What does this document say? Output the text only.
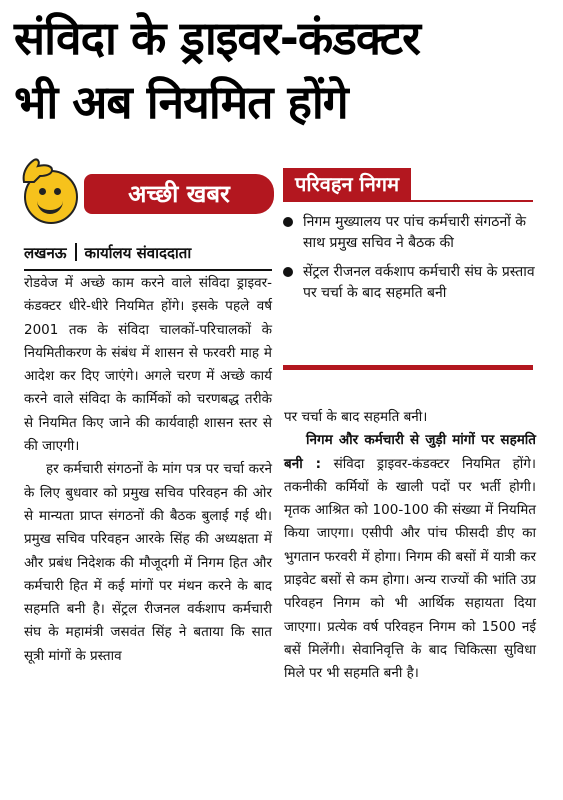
संविदा के ड्राइवर-कंडक्टर
भी अब नियमित होंगे
अच्छी खबर
लखनऊ कार्यालय संवाददाता

रोडवेज में अच्छे काम करने वाले संविदा ड्राइवर-कंडक्टर धीरे-धीरे नियमित होंगे। इसके पहले वर्ष 2001 तक के संविदा चालकों-परिचालकों के नियमितीकरण के संबंध में शासन से फरवरी माह मे आदेश कर दिए जाएंगे। अगले चरण में अच्छे कार्य करने वाले संविदा के कार्मिकों को चरणबद्ध तरीके से नियमित किए जाने की कार्यवाही शासन स्तर से की जाएगी।

हर कर्मचारी संगठनों के मांग पत्र पर चर्चा करने के लिए बुधवार को प्रमुख सचिव परिवहन की ओर से मान्यता प्राप्त संगठनों की बैठक बुलाई गई थी। प्रमुख सचिव परिवहन आरके सिंह की अध्यक्षता में और प्रबंध निदेशक की मौजूदगी में निगम हित और कर्मचारी हित में कई मांगों पर मंथन करने के बाद सहमति बनी है। सेंट्रल रीजनल वर्कशाप कर्मचारी संघ के महामंत्री जसवंत सिंह ने बताया कि सात सूत्री मांगों के प्रस्ताव

परिवहन निगम
निगम मुख्यालय पर पांच कर्मचारी संगठनों के साथ प्रमुख सचिव ने बैठक की
सेंट्रल रीजनल वर्कशाप कर्मचारी संघ के प्रस्ताव पर चर्चा के बाद सहमति बनी

पर चर्चा के बाद सहमति बनी।

निगम और कर्मचारी से जुड़ी मांगों पर सहमति बनी : संविदा ड्राइवर-कंडक्टर नियमित होंगे। तकनीकी कर्मियों के खाली पदों पर भर्ती होगी। मृतक आश्रित को 100-100 की संख्या में नियमित किया जाएगा। एसीपी और पांच फीसदी डीए का भुगतान फरवरी में होगा। निगम की बसों में यात्री कर प्राइवेट बसों से कम होगा। अन्य राज्यों की भांति उप्र परिवहन निगम को भी आर्थिक सहायता दिया जाएगा। प्रत्येक वर्ष परिवहन निगम को 1500 नई बसें मिलेंगी। सेवानिवृत्ति के बाद चिकित्सा सुविधा मिले पर भी सहमति बनी है।
